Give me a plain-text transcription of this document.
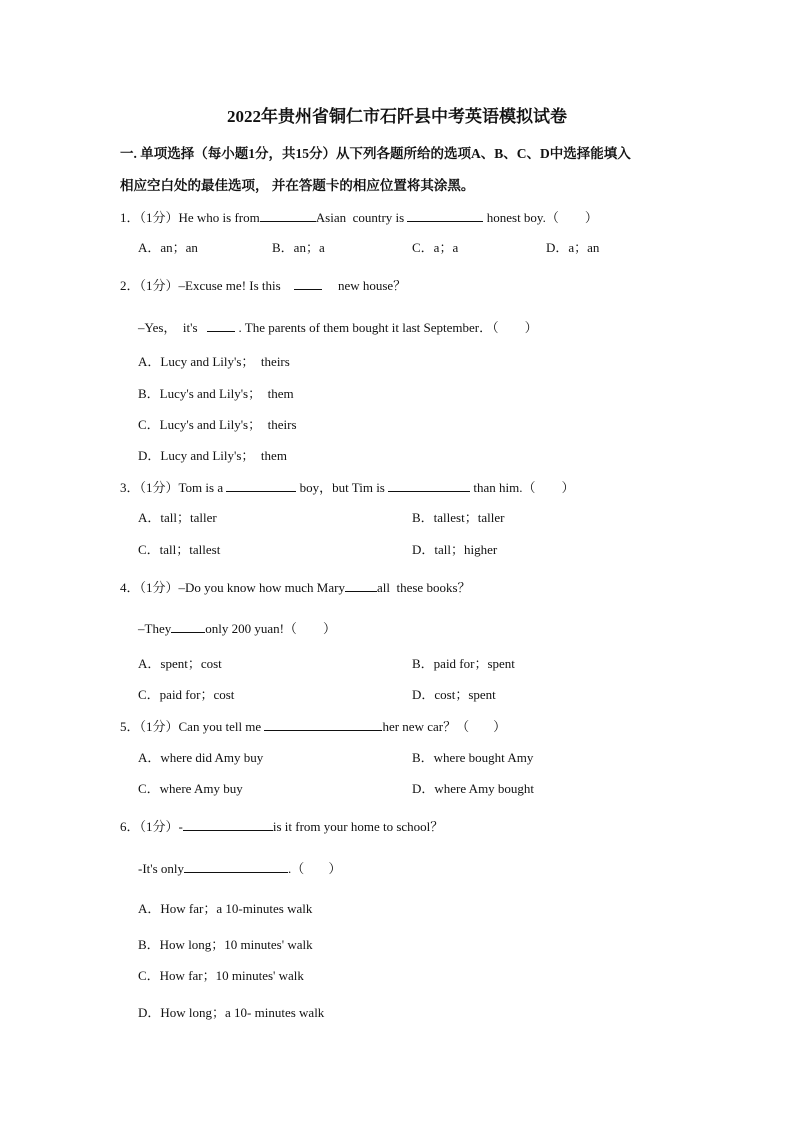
2022年贵州省铜仁市石阡县中考英语模拟试卷
一. 单项选择（每小题1分，共15分）从下列各题所给的选项A、B、C、D中选择能填入
相应空白处的最佳选项， 并在答题卡的相应位置将其涂黑。
1．（1分）He who is from	Asian  country is	honest boy.（ ）
A．an；an	B．an；a	C．a；a	D．a；an
2．（1分）–Excuse me! Is this	new house？
–Yes，  it's	. The parents of them bought it last September．（ ）
A．Lucy and Lily's；  theirs
B．Lucy's and Lily's；  them
C．Lucy's and Lily's；  theirs
D．Lucy and Lily's；  them
3．（1分）Tom is a	boy，but Tim is	than him.（ ）
A．tall；taller	B．tallest；taller
C．tall；tallest	D．tall；higher
4．（1分）–Do you know how much Mary all  these books？
–They	only 200 yuan!（ ）
A．spent；cost	B．paid for；spent
C．paid for；cost	D．cost；spent
5．（1分）Can you tell me	her new car？（ ）
A．where did Amy buy	B．where bought Amy
C．where Amy buy	D．where Amy bought
6．（1分）-	is it from your home to school？
-It's only	.（ ）
A．How far；a 10-minutes walk
B．How long；10 minutes' walk
C．How far；10 minutes' walk
D．How long；a 10- minutes walk
